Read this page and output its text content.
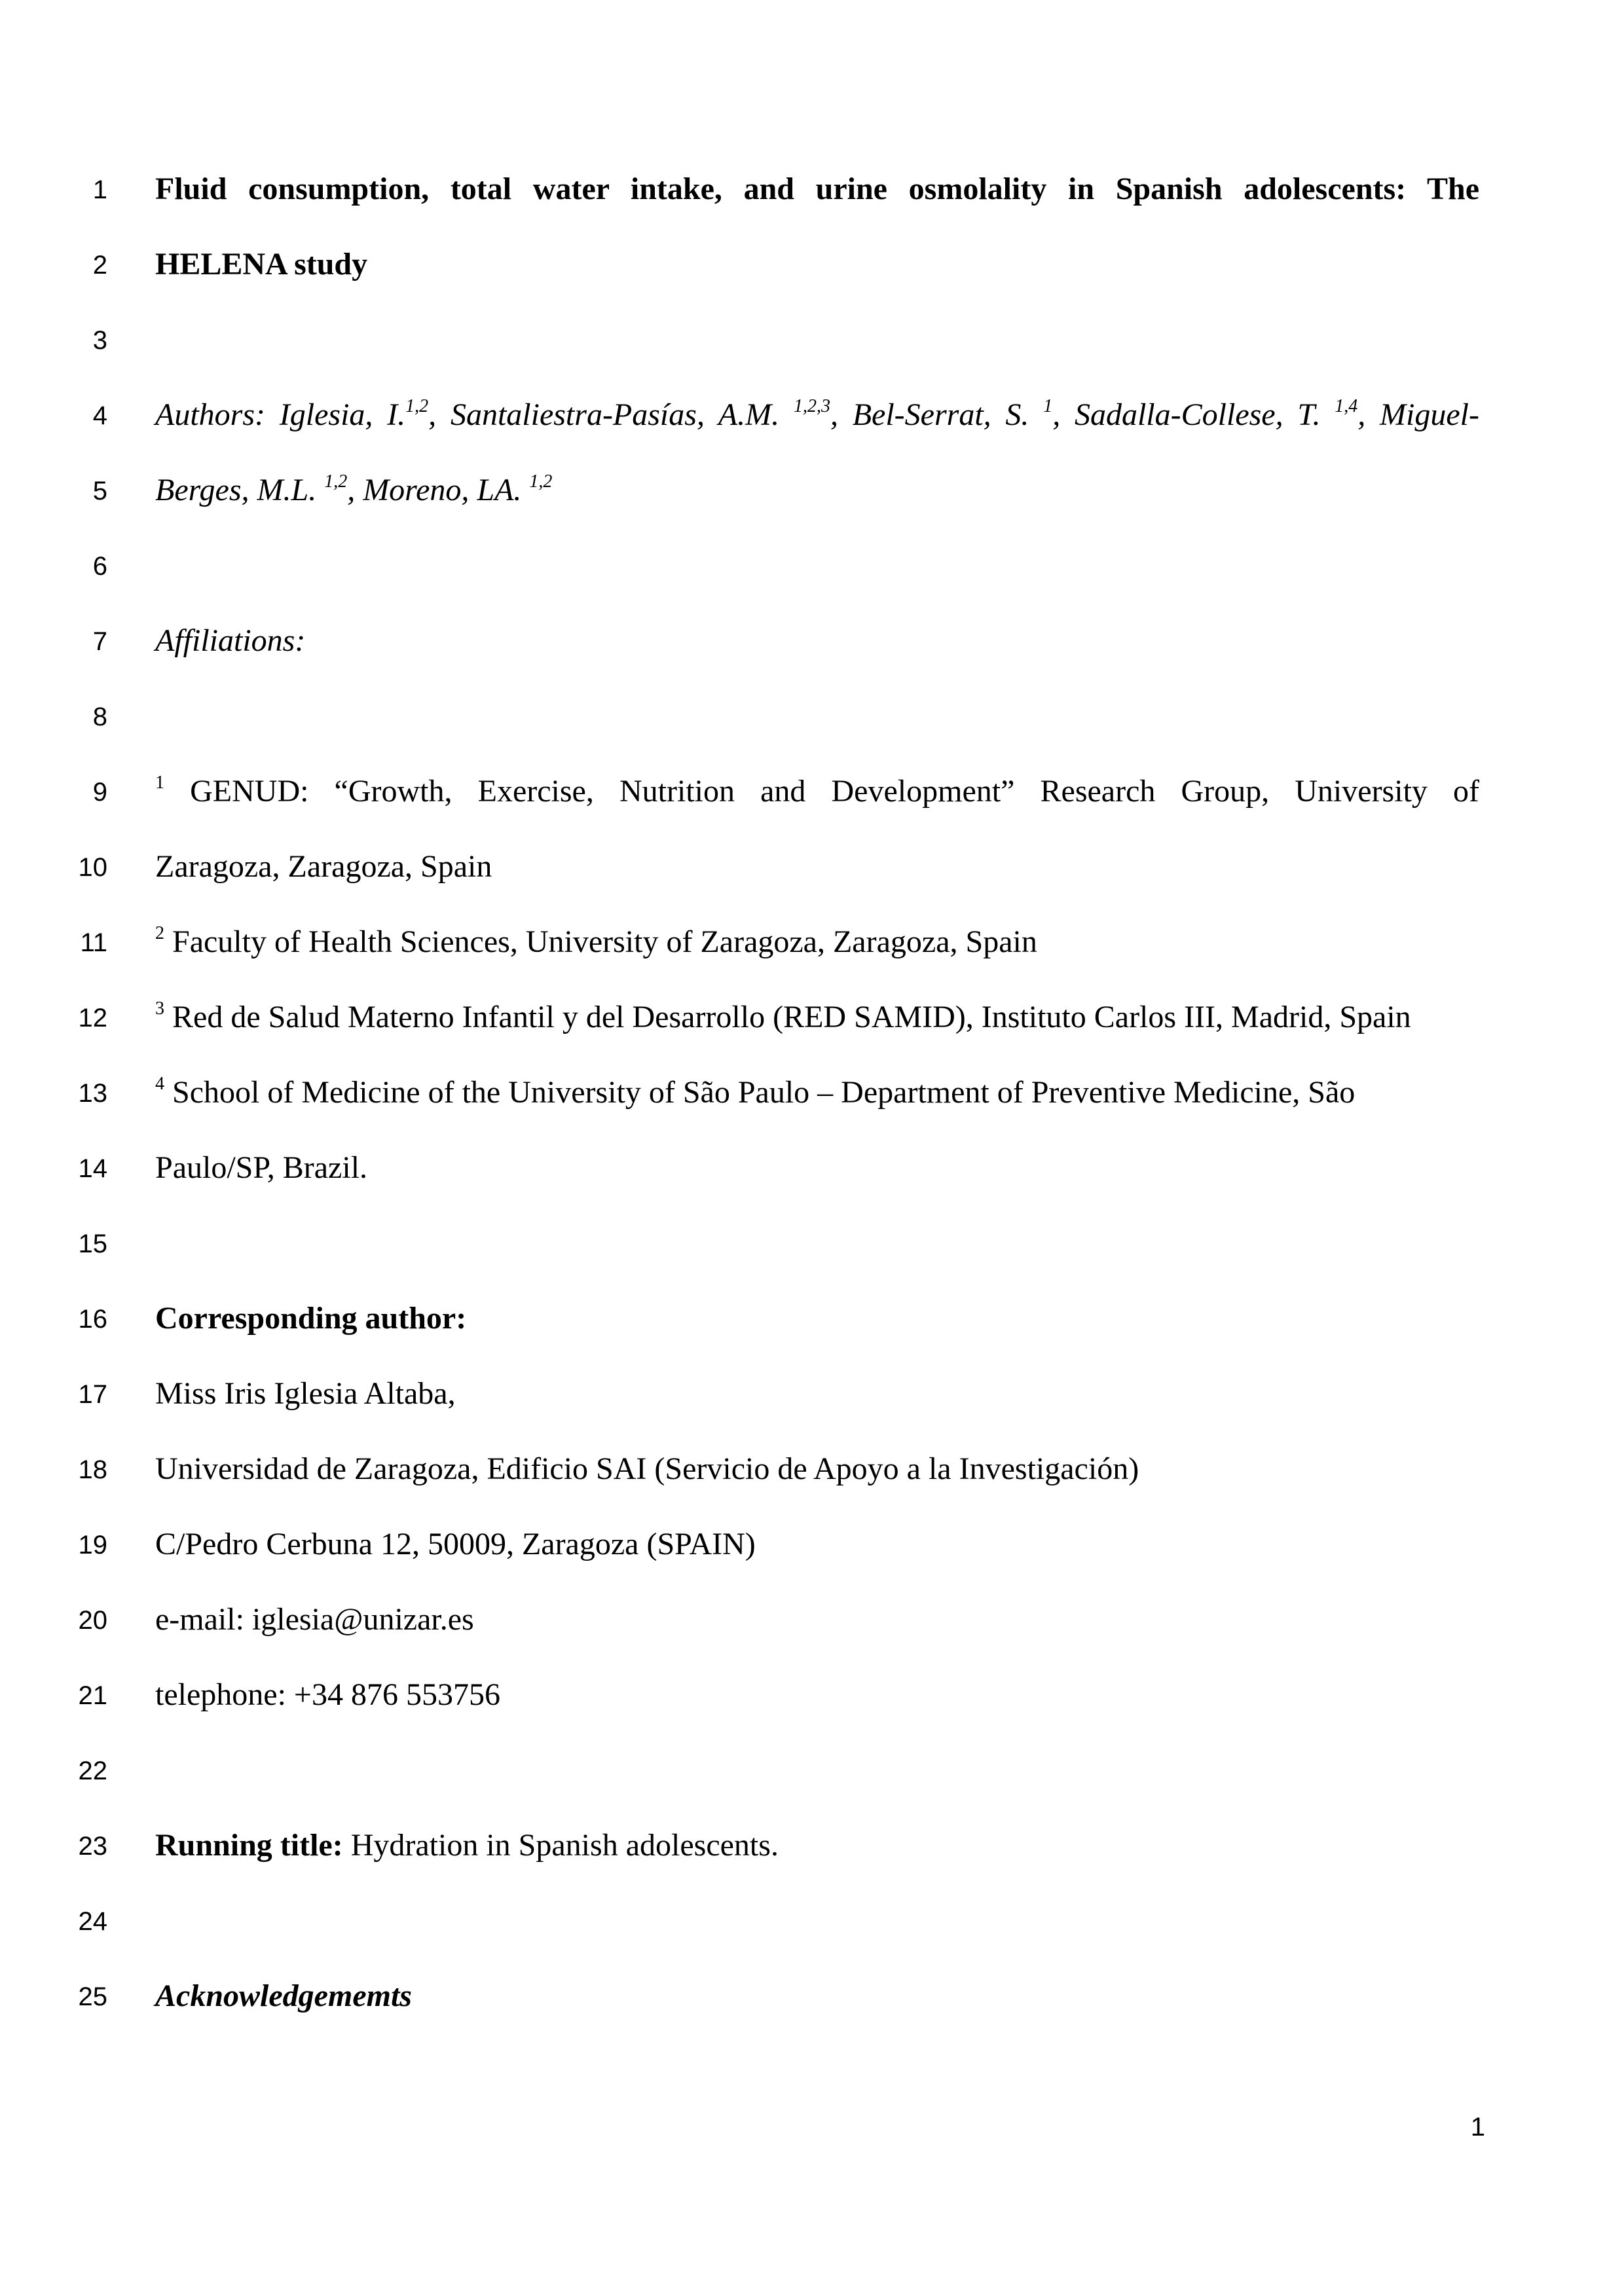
1
2
3
4
5
6
7
8
9
10
11
12
13
14
15
16
17
18
19
20
21
22
23
24
25
Fluid consumption, total water intake, and urine osmolality in Spanish adolescents: The
HELENA study
Authors: Iglesia, I.$^{1,2}$, Santaliestra-Pasías, A.M. $^{1,2,3}$, Bel-Serrat, S. $^1$, Sadalla-Collese, T. $^{1,4}$, Miguel-
Berges, M.L. $^{1,2}$, Moreno, LA. $^{1,2}$
Affiliations:
$^1$ GENUD: “Growth, Exercise, Nutrition and Development” Research Group, University of
Zaragoza, Zaragoza, Spain
$^2$ Faculty of Health Sciences, University of Zaragoza, Zaragoza, Spain
$^3$ Red de Salud Materno Infantil y del Desarrollo (RED SAMID), Instituto Carlos III, Madrid, Spain
$^4$ School of Medicine of the University of São Paulo – Department of Preventive Medicine, São
Paulo/SP, Brazil.
Corresponding author:
Miss Iris Iglesia Altaba,
Universidad de Zaragoza, Edificio SAI (Servicio de Apoyo a la Investigación)
C/Pedro Cerbuna 12, 50009, Zaragoza (SPAIN)
e-mail: iglesia@unizar.es
telephone: +34 876 553756
Running title: Hydration in Spanish adolescents.
Acknowledgememts
1
